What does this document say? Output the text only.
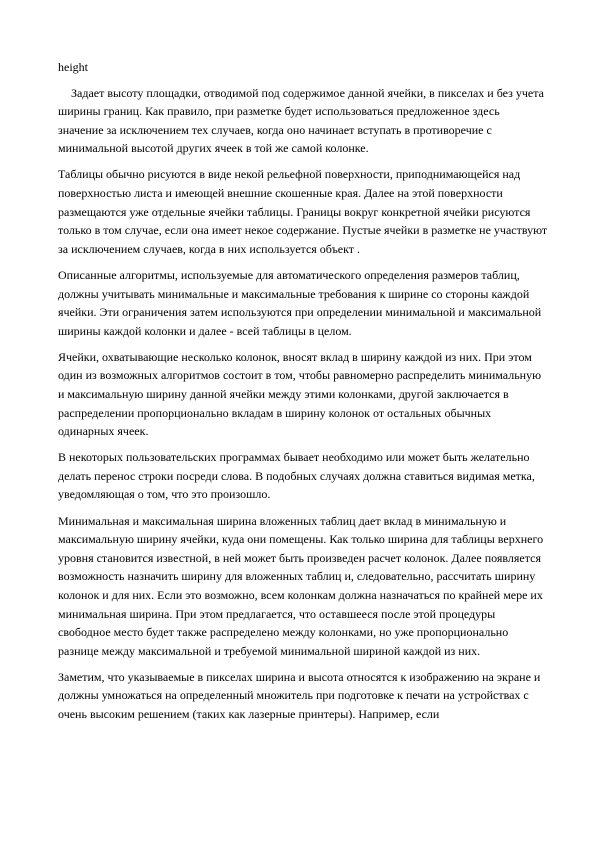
height

Задает высоту площадки, отводимой под содержимое данной ячейки, в пикселах и без учета ширины границ. Как правило, при разметке будет использоваться предложенное здесь значение за исключением тех случаев, когда оно начинает вступать в противоречие с минимальной высотой других ячеек в той же самой колонке.

Таблицы обычно рисуются в виде некой рельефной поверхности, приподнимающейся над поверхностью листа и имеющей внешние скошенные края. Далее на этой поверхности размещаются уже отдельные ячейки таблицы. Границы вокруг конкретной ячейки рисуются только в том случае, если она имеет некое содержание. Пустые ячейки в разметке не участвуют за исключением случаев, когда в них используется объект .

Описанные алгоритмы, используемые для автоматического определения размеров таблиц, должны учитывать минимальные и максимальные требования к ширине со стороны каждой ячейки. Эти ограничения затем используются при определении минимальной и максимальной ширины каждой колонки и далее - всей таблицы в целом.

Ячейки, охватывающие несколько колонок, вносят вклад в ширину каждой из них. При этом один из возможных алгоритмов состоит в том, чтобы равномерно распределить минимальную и максимальную ширину данной ячейки между этими колонками, другой заключается в распределении пропорционально вкладам в ширину колонок от остальных обычных одинарных ячеек.

В некоторых пользовательских программах бывает необходимо или может быть желательно делать перенос строки посреди слова. В подобных случаях должна ставиться видимая метка, уведомляющая о том, что это произошло.

Минимальная и максимальная ширина вложенных таблиц дает вклад в минимальную и максимальную ширину ячейки, куда они помещены. Как только ширина для таблицы верхнего уровня становится известной, в ней может быть произведен расчет колонок. Далее появляется возможность назначить ширину для вложенных таблиц и, следовательно, рассчитать ширину колонок и для них. Если это возможно, всем колонкам должна назначаться по крайней мере их минимальная ширина. При этом предлагается, что оставшееся после этой процедуры свободное место будет также распределено между колонками, но уже пропорционально разнице между максимальной и требуемой минимальной шириной каждой из них.

Заметим, что указываемые в пикселах ширина и высота относятся к изображению на экране и должны умножаться на определенный множитель при подготовке к печати на устройствах с очень высоким решением (таких как лазерные принтеры). Например, если
